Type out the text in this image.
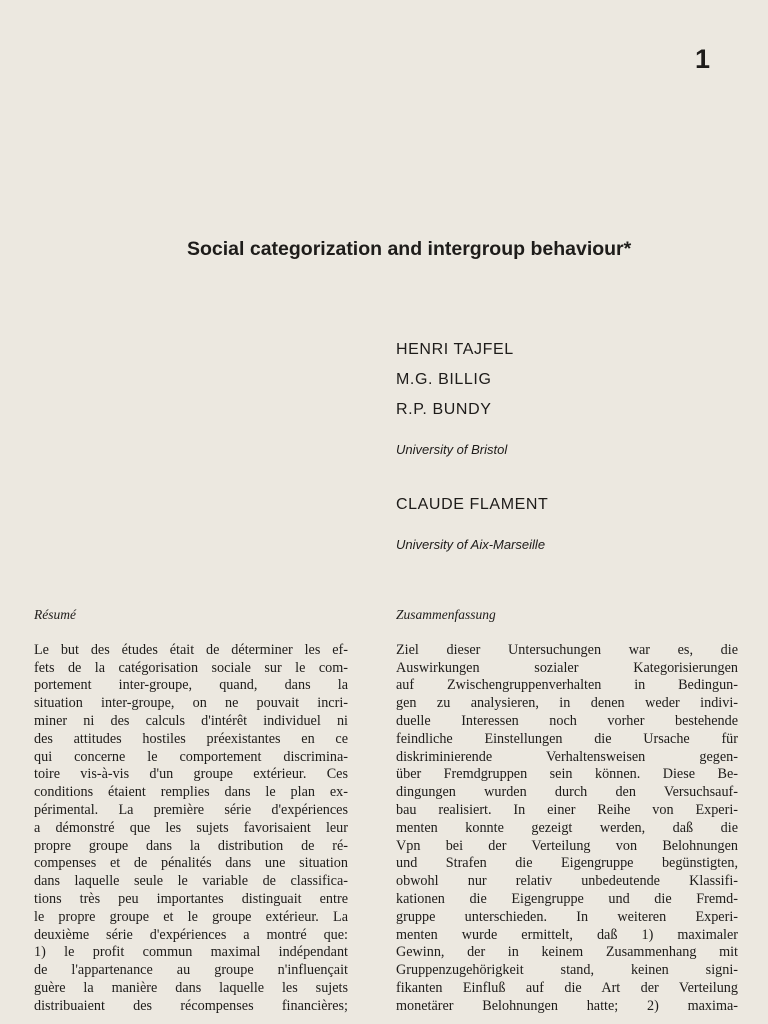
1
Social categorization and intergroup behaviour*
HENRI TAJFEL
M.G. BILLIG
R.P. BUNDY
University of Bristol
CLAUDE FLAMENT
University of Aix-Marseille
Résumé
Le but des études était de déterminer les ef-
fets de la catégorisation sociale sur le com-
portement inter-groupe, quand, dans la
situation inter-groupe, on ne pouvait incri-
miner ni des calculs d'intérêt individuel ni
des attitudes hostiles préexistantes en ce
qui concerne le comportement discrimina-
toire vis-à-vis d'un groupe extérieur. Ces
conditions étaient remplies dans le plan ex-
périmental. La première série d'expériences
a démonstré que les sujets favorisaient leur
propre groupe dans la distribution de ré-
compenses et de pénalités dans une situation
dans laquelle seule le variable de classifica-
tions très peu importantes distinguait entre
le propre groupe et le groupe extérieur. La
deuxième série d'expériences a montré que:
1) le profit commun maximal indépendant
de l'appartenance au groupe n'influençait
guère la manière dans laquelle les sujets
distribuaient des récompenses financières;
Zusammenfassung
Ziel dieser Untersuchungen war es, die
Auswirkungen sozialer Kategorisierungen
auf Zwischengruppenverhalten in Bedingun-
gen zu analysieren, in denen weder indivi-
duelle Interessen noch vorher bestehende
feindliche Einstellungen die Ursache für
diskriminierende Verhaltensweisen gegen-
über Fremdgruppen sein können. Diese Be-
dingungen wurden durch den Versuchsauf-
bau realisiert. In einer Reihe von Experi-
menten konnte gezeigt werden, daß die
Vpn bei der Verteilung von Belohnungen
und Strafen die Eigengruppe begünstigten,
obwohl nur relativ unbedeutende Klassifi-
kationen die Eigengruppe und die Fremd-
gruppe unterschieden. In weiteren Experi-
menten wurde ermittelt, daß 1) maximaler
Gewinn, der in keinem Zusammenhang mit
Gruppenzugehörigkeit stand, keinen signi-
fikanten Einfluß auf die Art der Verteilung
monetärer Belohnungen hatte; 2) maxima-
